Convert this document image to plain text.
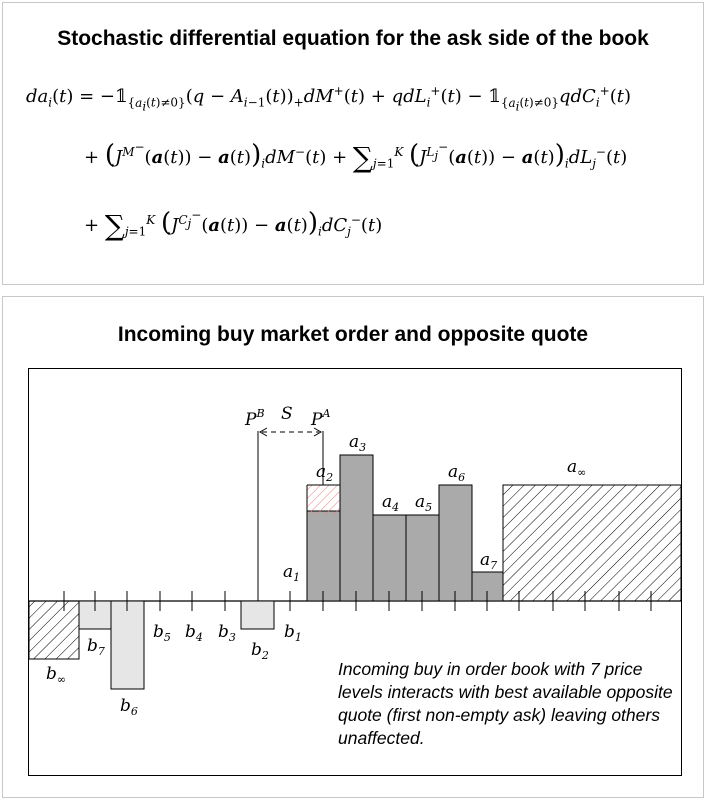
Stochastic differential equation for the ask side of the book
$da_i(t)$ = $-𝟙_{\{a_i(t)\ne 0\}}(q - A_{i-1}(t))_+dM^+(t) + qdL_i^+(t)$ − $𝟙_{\{a_i(t)\ne 0\}}qdC_i^+(t)$
+ $(J^{M^-}(a(t)) - a(t))_idM^-(t) + \sum_{j=1}^K$ $(J^{L_j^-}(a(t)) - a(t))_idL_j^-(t)$
+ $\sum_{j=1}^K$ $(J^{C_j^-}(a(t)) - a(t))_idC_j^-(t)$
Incoming buy market order and opposite quote
$P^B$ S $P^A$
$a_1$
$a_2$
$a_3$
$a_4$ $a_5$
$a_6$
$a_7$
$a_\infty$
$b_1$
$b_2$
$b_3$
$b_4$
$b_5$
$b_6$
$b_7$
$b_\infty$
Incoming buy in order book with 7 price levels interacts with best available opposite quote (first non-empty ask) leaving others unaffected.
